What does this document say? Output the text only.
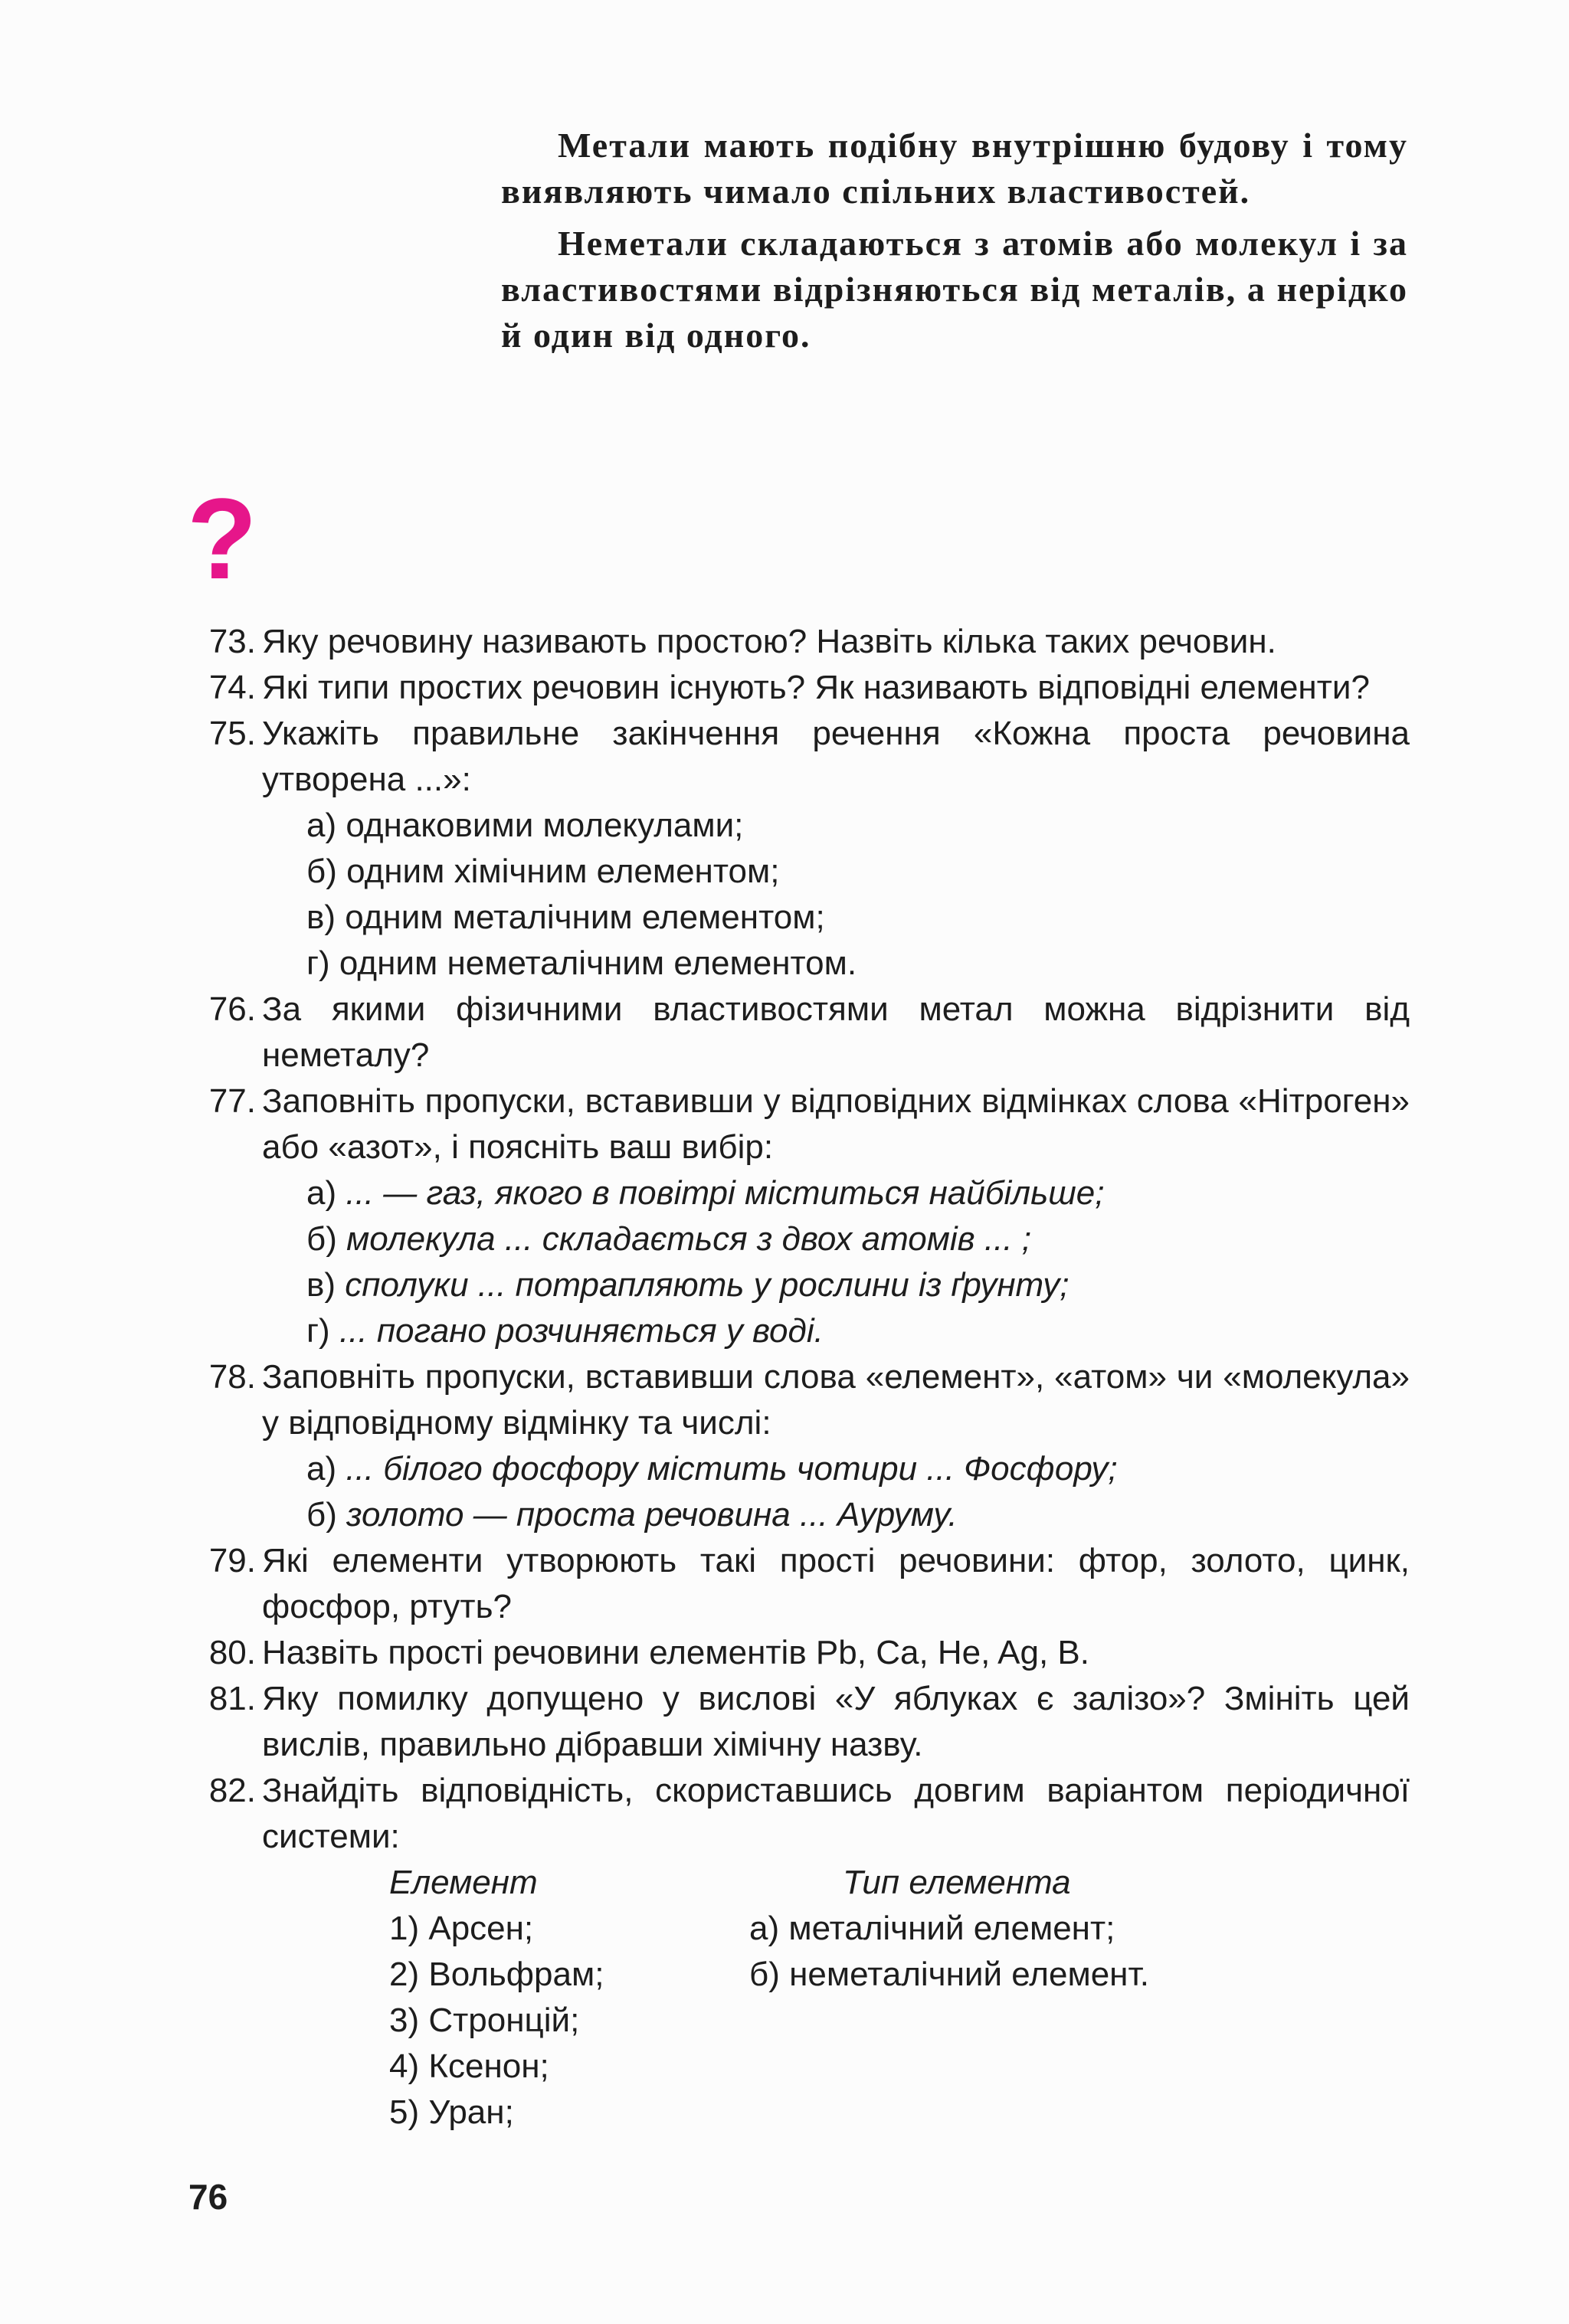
Метали мають подібну внутрішню будову і тому виявляють чимало спільних властивостей.

Неметали складаються з атомів або молекул і за властивостями відрізняються від металів, а нерідко й один від одного.

?
73. Яку речовину називають простою? Назвіть кілька таких речовин.
74. Які типи простих речовин існують? Як називають відповідні елементи?
75. Укажіть правильне закінчення речення «Кожна проста речовина утворена ...»:
а) однаковими молекулами;
б) одним хімічним елементом;
в) одним металічним елементом;
г) одним неметалічним елементом.
76. За якими фізичними властивостями метал можна відрізнити від неметалу?
77. Заповніть пропуски, вставивши у відповідних відмінках слова «Нітроген» або «азот», і поясніть ваш вибір:
а) ... — газ, якого в повітрі міститься найбільше;
б) молекула ... складається з двох атомів ... ;
в) сполуки ... потрапляють у рослини із ґрунту;
г) ... погано розчиняється у воді.
78. Заповніть пропуски, вставивши слова «елемент», «атом» чи «молекула» у відповідному відмінку та числі:
а) ... білого фосфору містить чотири ... Фосфору;
б) золото — проста речовина ... Ауруму.
79. Які елементи утворюють такі прості речовини: фтор, золото, цинк, фосфор, ртуть?
80. Назвіть прості речовини елементів Pb, Ca, He, Ag, B.
81. Яку помилку допущено у вислові «У яблуках є залізо»? Змініть цей вислів, правильно дібравши хімічну назву.
82. Знайдіть відповідність, скориставшись довгим варіантом періодичної системи:
Елемент	Тип елемента
1) Арсен;	а) металічний елемент;
2) Вольфрам;	б) неметалічний елемент.
3) Стронцій;
4) Ксенон;
5) Уран;
76
